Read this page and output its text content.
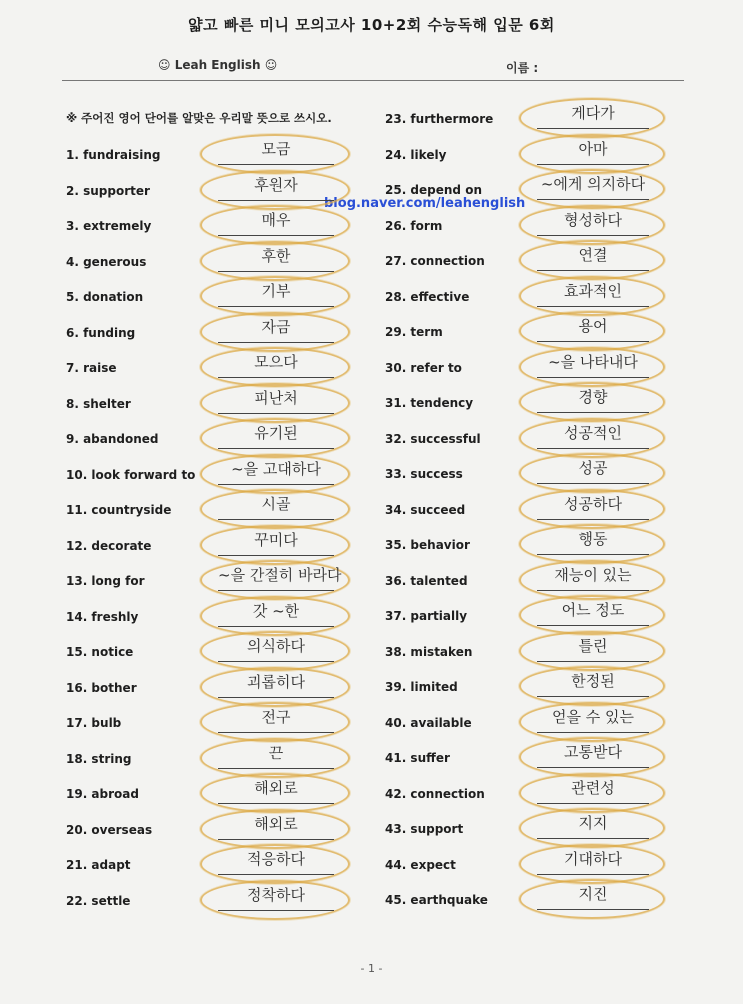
얇고 빠른 미니 모의고사 10+2회 수능독해 입문 6회
☺ Leah English ☺	이름 :
※ 주어진 영어 단어를 알맞은 우리말 뜻으로 쓰시오.
blog.naver.com/leahenglish
1. fundraising	모금
2. supporter	후원자
3. extremely	매우
4. generous	후한
5. donation	기부
6. funding	자금
7. raise	모으다
8. shelter	피난처
9. abandoned	유기된
10. look forward to	~을 고대하다
11. countryside	시골
12. decorate	꾸미다
13. long for	~을 간절히 바라다
14. freshly	갓 ~한
15. notice	의식하다
16. bother	괴롭히다
17. bulb	전구
18. string	끈
19. abroad	해외로
20. overseas	해외로
21. adapt	적응하다
22. settle	정착하다
23. furthermore	게다가
24. likely	아마
25. depend on	~에게 의지하다
26. form	형성하다
27. connection	연결
28. effective	효과적인
29. term	용어
30. refer to	~을 나타내다
31. tendency	경향
32. successful	성공적인
33. success	성공
34. succeed	성공하다
35. behavior	행동
36. talented	재능이 있는
37. partially	어느 정도
38. mistaken	틀린
39. limited	한정된
40. available	얻을 수 있는
41. suffer	고통받다
42. connection	관련성
43. support	지지
44. expect	기대하다
45. earthquake	지진
- 1 -
